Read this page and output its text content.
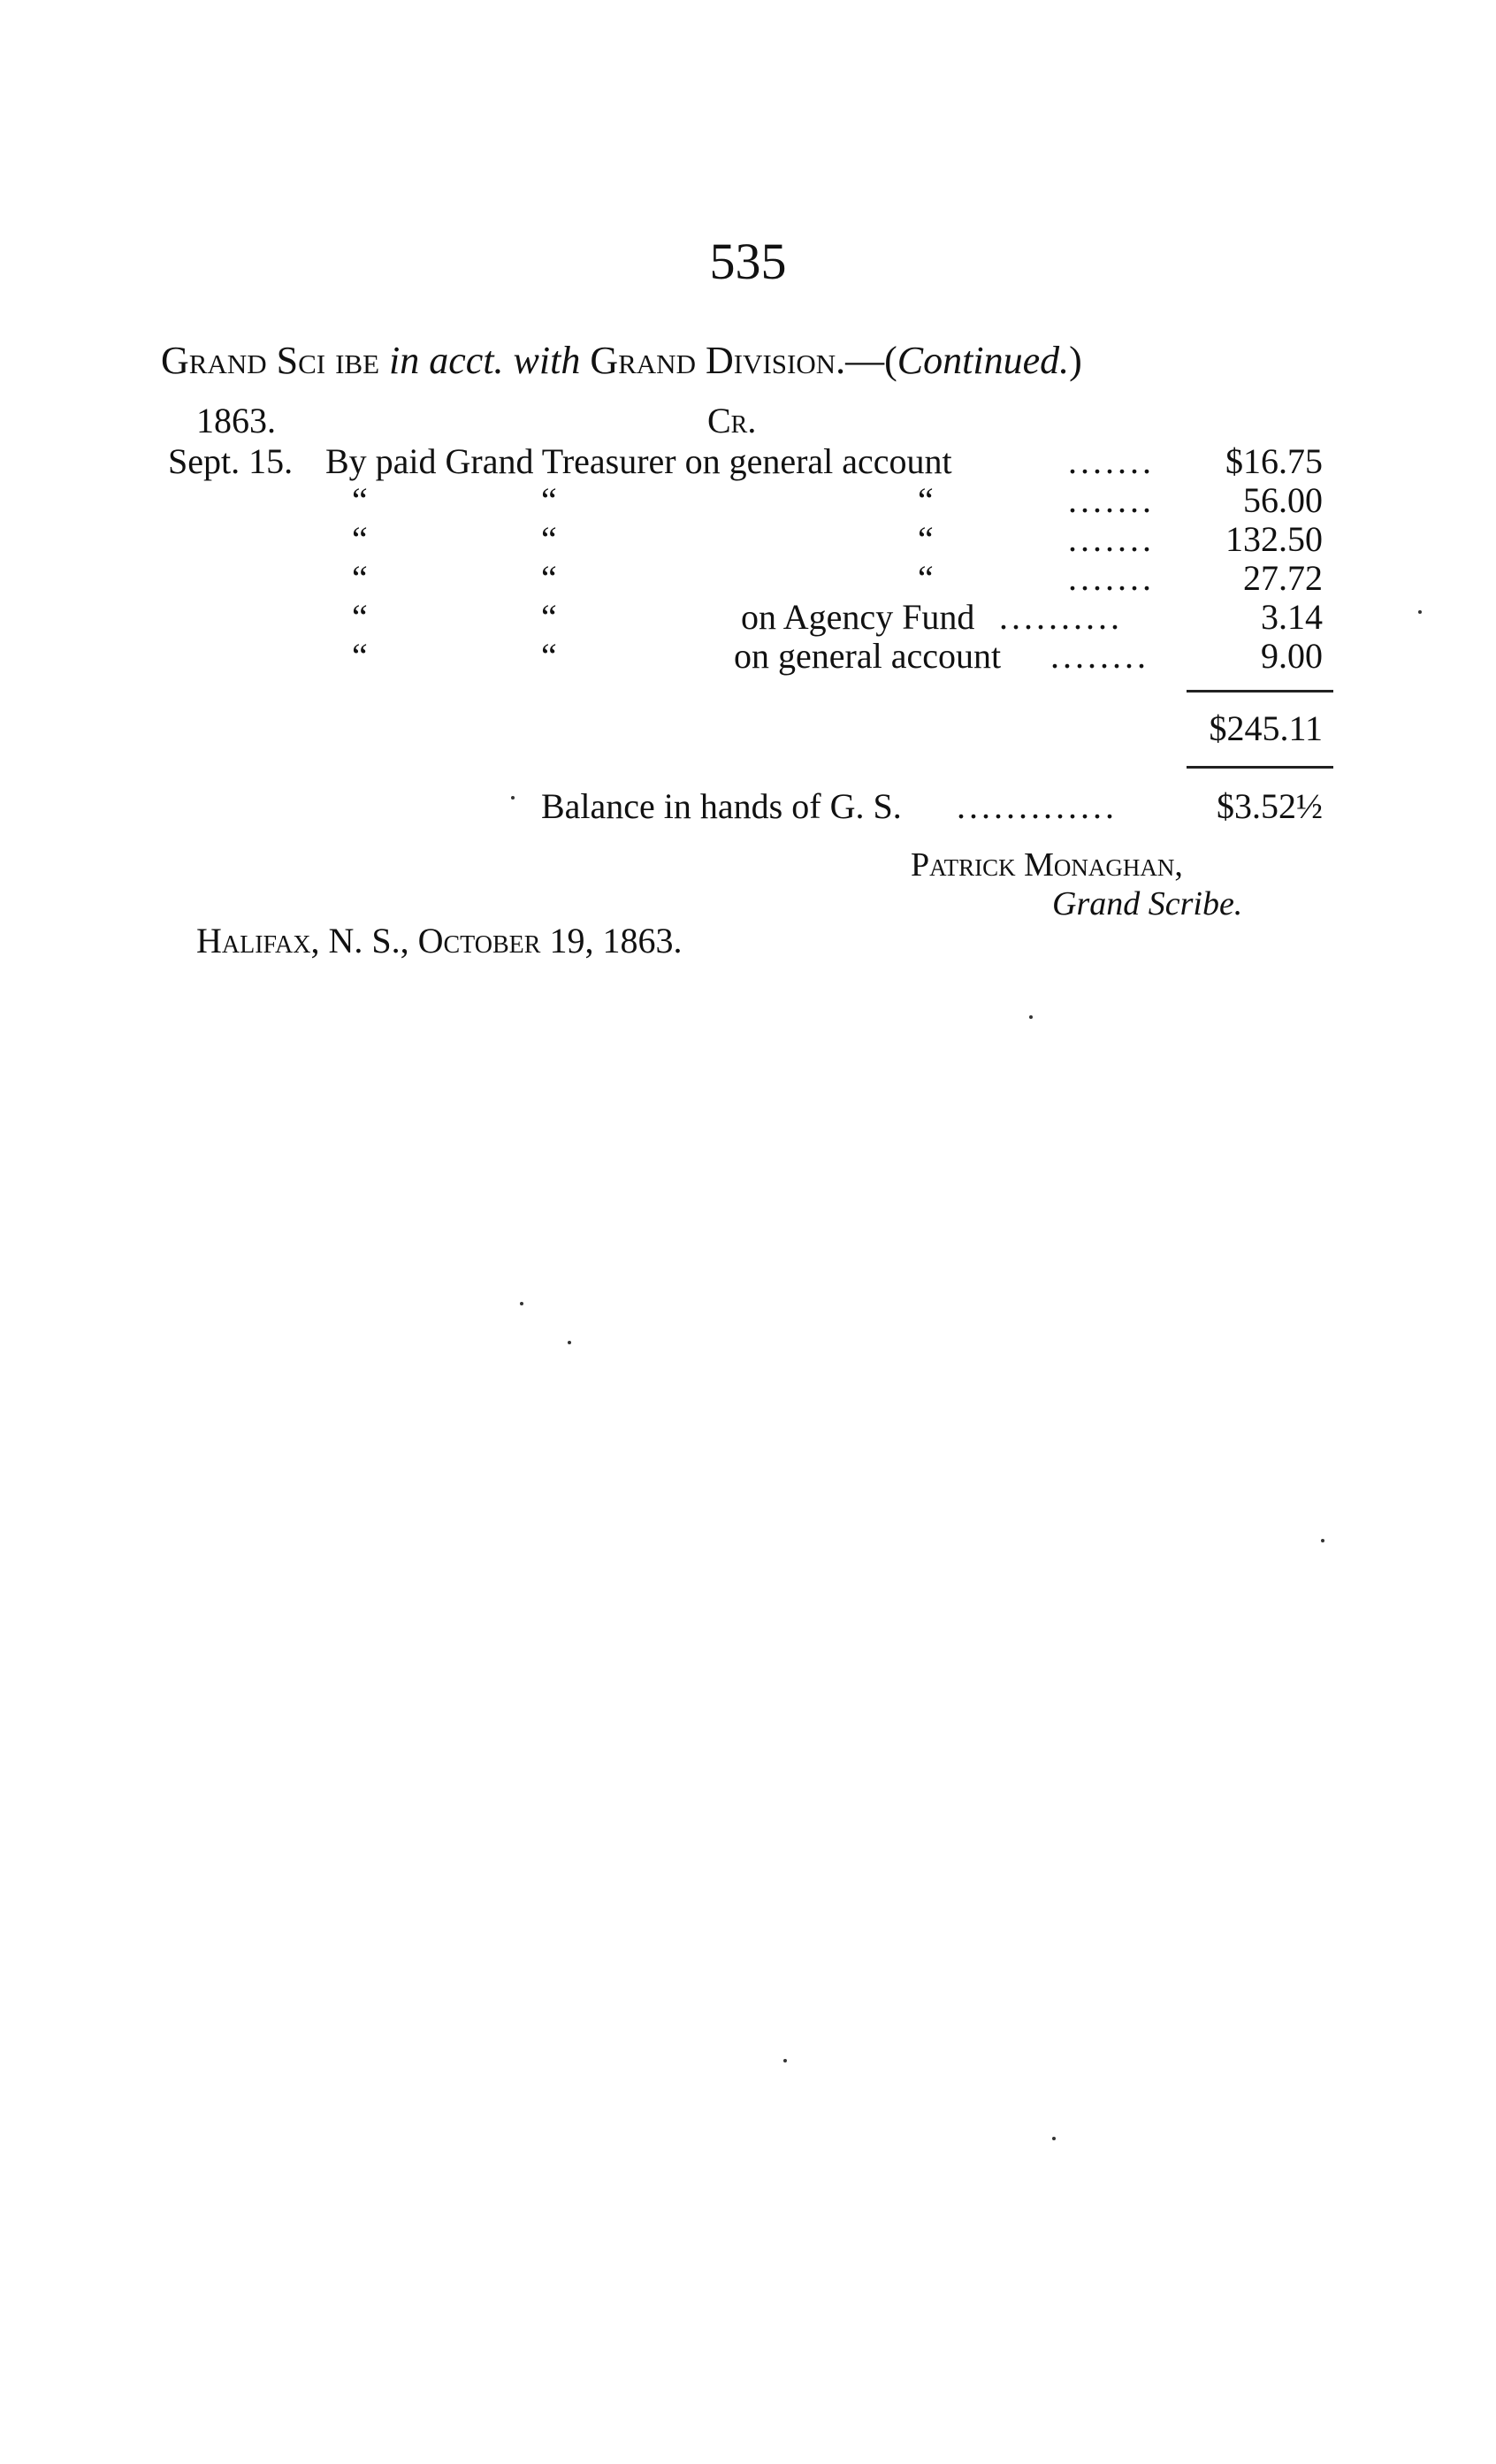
535
Grand Sci ibe in acct. with Grand Division.—(Continued.)
1863.	Cr.
Sept. 15. By paid Grand Treasurer on general account	....... $16.75
“	“	“	.......	56.00
“	“	“	....... 132.50
“	“	“	.......	27.72
“	“	on Agency Fund ..........	3.14
“	“	on general account ........	9.00
$245.11
Balance in hands of G. S. .............	$3.52½
Patrick Monaghan,
Grand Scribe.
Halifax, N. S., October 19, 1863.
